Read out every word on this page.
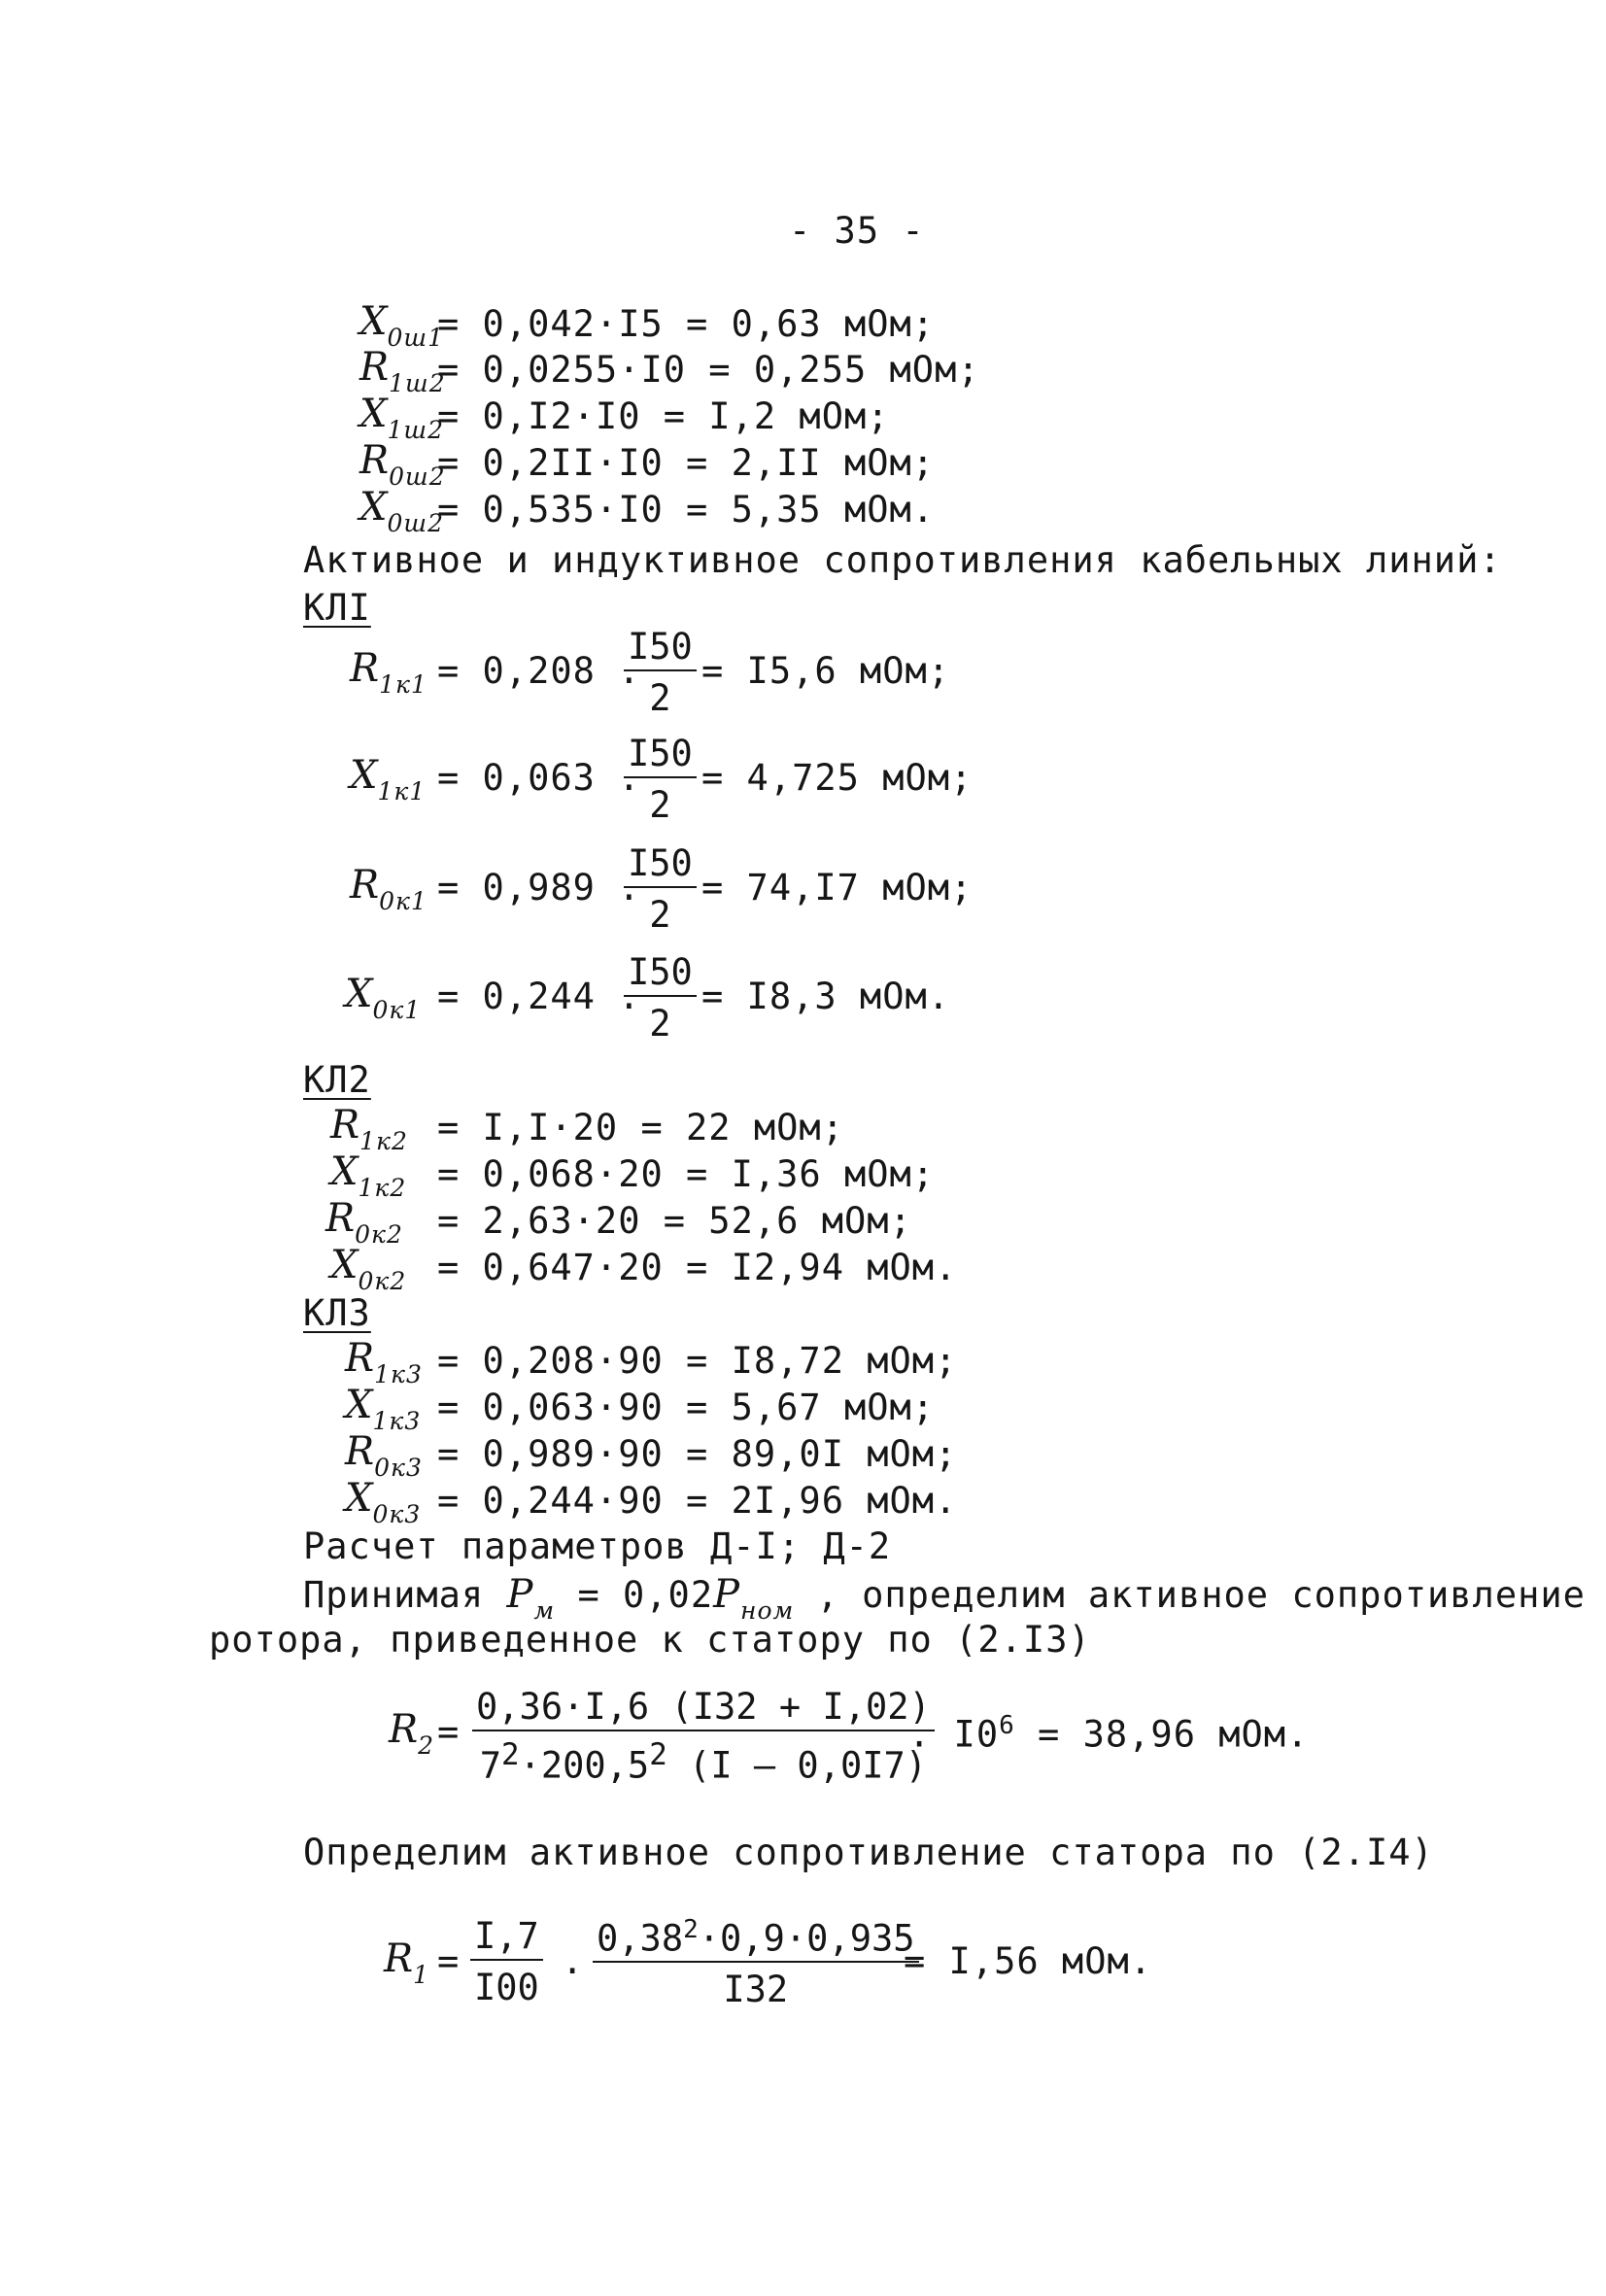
- 35 -
$X_{0ш1}$
= 0,042·I5 = 0,63 мОм;
$R_{1ш2}$
= 0,0255·I0 = 0,255 мОм;
$X_{1ш2}$
= 0,I2·I0 = I,2 мОм;
$R_{0ш2}$
= 0,2II·I0 = 2,II мОм;
$X_{0ш2}$
= 0,535·I0 = 5,35 мОм.
Активное и индуктивное сопротивления кабельных линий:
КЛI
$R_{1к1} = 0,208$ .
$\frac{I50}{2} = I5,6$ мОм;
$X_{1к1} = 0,063$ .
$\frac{I50}{2} = 4,725$ мОм;
$R_{0к1} = 0,989$ .
$\frac{I50}{2} = 74,I7$ мОм;
$X_{0к1} = 0,244$ .
$\frac{I50}{2} = I8,3$ мОм.
КЛ2
$R_{1к2} = I,I\cdot 20 = 22$ мОм;
$X_{1к2} = 0,068\cdot 20 = I,36$ мОм;
$R_{0к2} = 2,63\cdot 20 = 52,6$ мОм;
$X_{0к2} = 0,647\cdot 20 = I2,94$ мОм.
КЛ3
$R_{1к3} = 0,208\cdot 90 = I8,72$ мОм;
$X_{1к3} = 0,063\cdot 90 = 5,67$ мОм;
$R_{0к3} = 0,989\cdot 90 = 89,0I$ мОм;
$X_{0к3} = 0,244\cdot 90 = 2I,96$ мОм.
Расчет параметров Д-I; Д-2
Принимая $P_м = 0,02P_{ном}$ , определим активное сопротивление
ротора, приведенное к статору по (2.I3)
$R_2 = \frac{0,36\cdot I,6 (I32 + I,02)}{7^2\cdot 200,5^2 (I - 0,0I7)}$
. $I0^6 = 38,96$ мОм.
Определим активное сопротивление статора по (2.I4)
$R_1 = \frac{I,7}{I00}$ . $\frac{0,38^2\cdot 0,9\cdot 0,935}{I32}$
= I,56 мОм.
